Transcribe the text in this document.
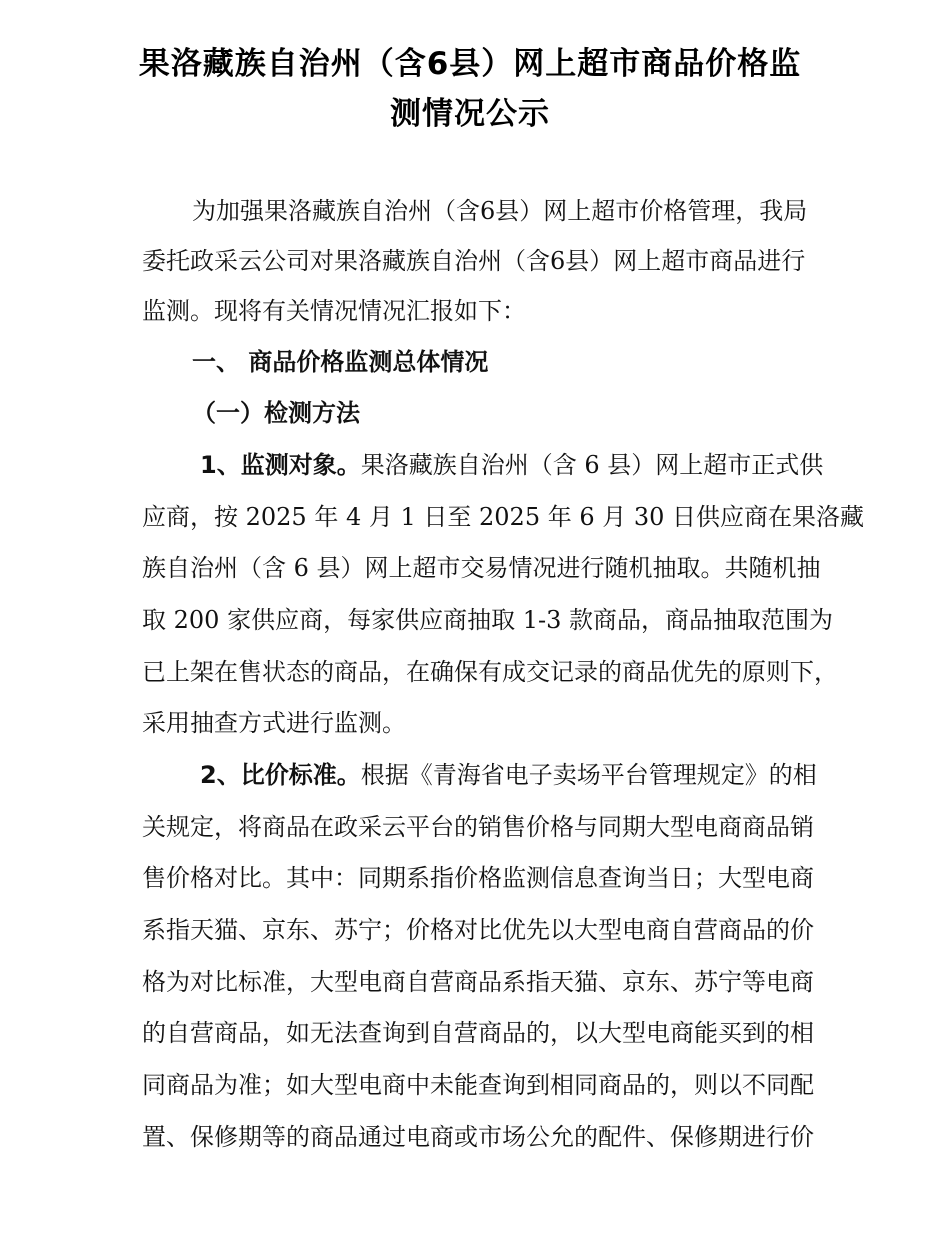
果洛藏族自治州（含6县）网上超市商品价格监
测情况公示
为加强果洛藏族自治州（含6县）网上超市价格管理，我局
委托政采云公司对果洛藏族自治州（含6县）网上超市商品进行
监测。现将有关情况情况汇报如下：
一、 商品价格监测总体情况
（一）检测方法
1、监测对象。果洛藏族自治州（含 6 县）网上超市正式供
应商，按 2025 年 4 月 1 日至 2025 年 6 月 30 日供应商在果洛藏
族自治州（含 6 县）网上超市交易情况进行随机抽取。共随机抽
取 200 家供应商，每家供应商抽取 1-3 款商品，商品抽取范围为
已上架在售状态的商品，在确保有成交记录的商品优先的原则下，
采用抽查方式进行监测。
2、比价标准。根据《青海省电子卖场平台管理规定》的相
关规定，将商品在政采云平台的销售价格与同期大型电商商品销
售价格对比。其中：同期系指价格监测信息查询当日；大型电商
系指天猫、京东、苏宁；价格对比优先以大型电商自营商品的价
格为对比标准，大型电商自营商品系指天猫、京东、苏宁等电商
的自营商品，如无法查询到自营商品的，以大型电商能买到的相
同商品为准；如大型电商中未能查询到相同商品的，则以不同配
置、保修期等的商品通过电商或市场公允的配件、保修期进行价
